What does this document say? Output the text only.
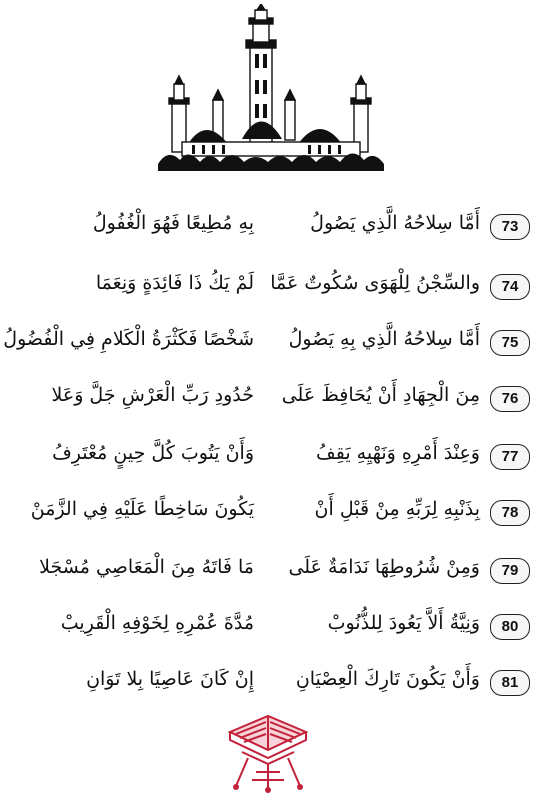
73
أَمَّا سِلاحُهُ الَّذِي يَصُولُ
بِهِ مُطِيعًا فَهُوَ الْغُفُولُ
74
والسِّجْنُ لِلْهَوَى سُكُوتٌ عَمَّا
لَمْ يَكُ ذَا فَائِدَةٍ وَنِعَمَا
75
أَمَّا سِلاحُهُ الَّذِي بِهِ يَصُولُ
شَخْصًا فَكَثْرَةُ الْكَلامِ فِي الْفُضُولُ
76
مِنَ الْجِهَادِ أَنْ يُحَافِظَ عَلَى
حُدُودِ رَبِّ الْعَرْشِ جَلَّ وَعَلا
77
وَعِنْدَ أَمْرِهِ وَنَهْيِهِ يَقِفُ
وَأَنْ يَتُوبَ كُلَّ حِينٍ مُعْتَرِفُ
78
بِذَنْبِهِ لِرَبِّهِ مِنْ قَبْلِ أَنْ
يَكُونَ سَاخِطًا عَلَيْهِ فِي الزَّمَنْ
79
وَمِنْ شُرُوطِهَا نَدَامَةٌ عَلَى
مَا فَاتَهُ مِنَ الْمَعَاصِي مُسْجَلا
80
وَنِيَّةُ أَلاَّ يَعُودَ لِلذُّنُوبْ
مُدَّةَ عُمْرِهِ لِخَوْفِهِ الْقَرِيبْ
81
وَأَنْ يَكُونَ تَارِكَ الْعِصْيَانِ
إِنْ كَانَ عَاصِيًا بِلا تَوَانِ
